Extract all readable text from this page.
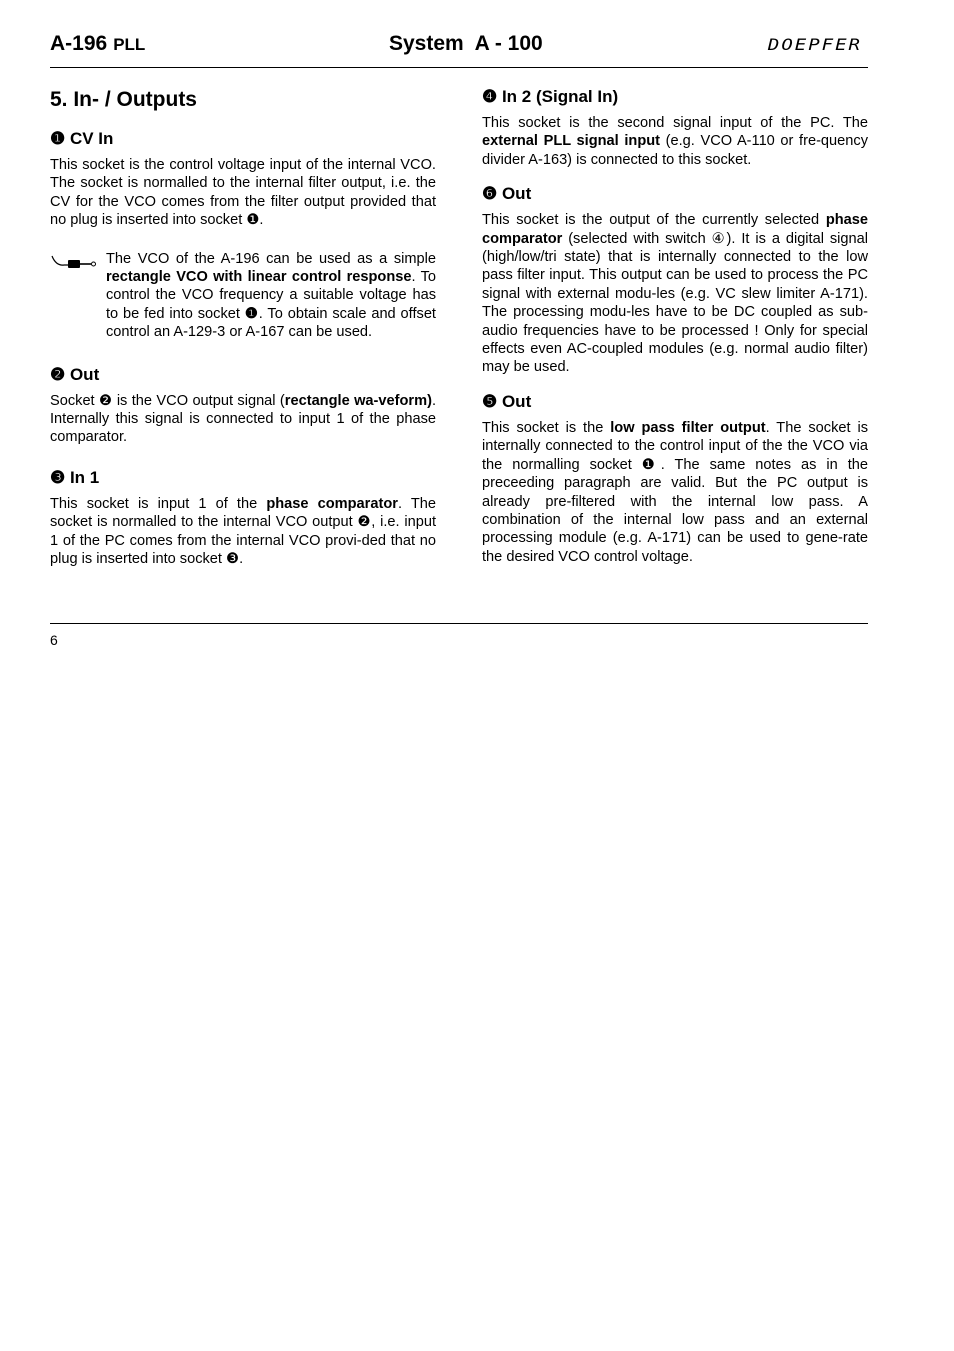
A-196 PLL	System  A - 100	DOEPFER
5. In- / Outputs
❶ CV In

This socket is the control voltage input of the internal VCO. The socket is normalled to the internal filter output, i.e. the CV for the VCO comes from the filter output provided that no plug is inserted into socket ❶.

The VCO of the A-196 can be used as a simple rectangle VCO with linear control response. To control the VCO frequency a suitable voltage has to be fed into socket ❶. To obtain scale and offset control an A-129-3 or A-167 can be used.
❷ Out

Socket ❷ is the VCO output signal (rectangle wa-veform). Internally this signal is connected to input 1 of the phase comparator.

❸ In 1

This socket is input 1 of the phase comparator. The socket is normalled to the internal VCO output ❷, i.e. input 1 of the PC comes from the internal VCO provi-ded that no plug is inserted into socket ❸.

❹ In 2 (Signal In)

This socket is the second signal input of the PC. The external PLL signal input (e.g. VCO A-110 or fre-quency divider A-163) is connected to this socket.

❻ Out

This socket is the output of the currently selected phase comparator (selected with switch ④). It is a digital signal (high/low/tri state) that is internally connected to the low pass filter input. This output can be used to process the PC signal with external modu-les (e.g. VC slew limiter A-171). The processing modu-les have to be DC coupled as sub-audio frequencies have to be processed ! Only for special effects even AC-coupled modules (e.g. normal audio filter) may be used.

❺ Out

This socket is the low pass filter output. The socket is internally connected to the control input of the the VCO via the normalling socket ❶. The same notes as in the preceeding paragraph are valid. But the PC output is already pre-filtered with the internal low pass. A combination of the internal low pass and an external processing module (e.g. A-171) can be used to gene-rate the desired VCO control voltage.

6
